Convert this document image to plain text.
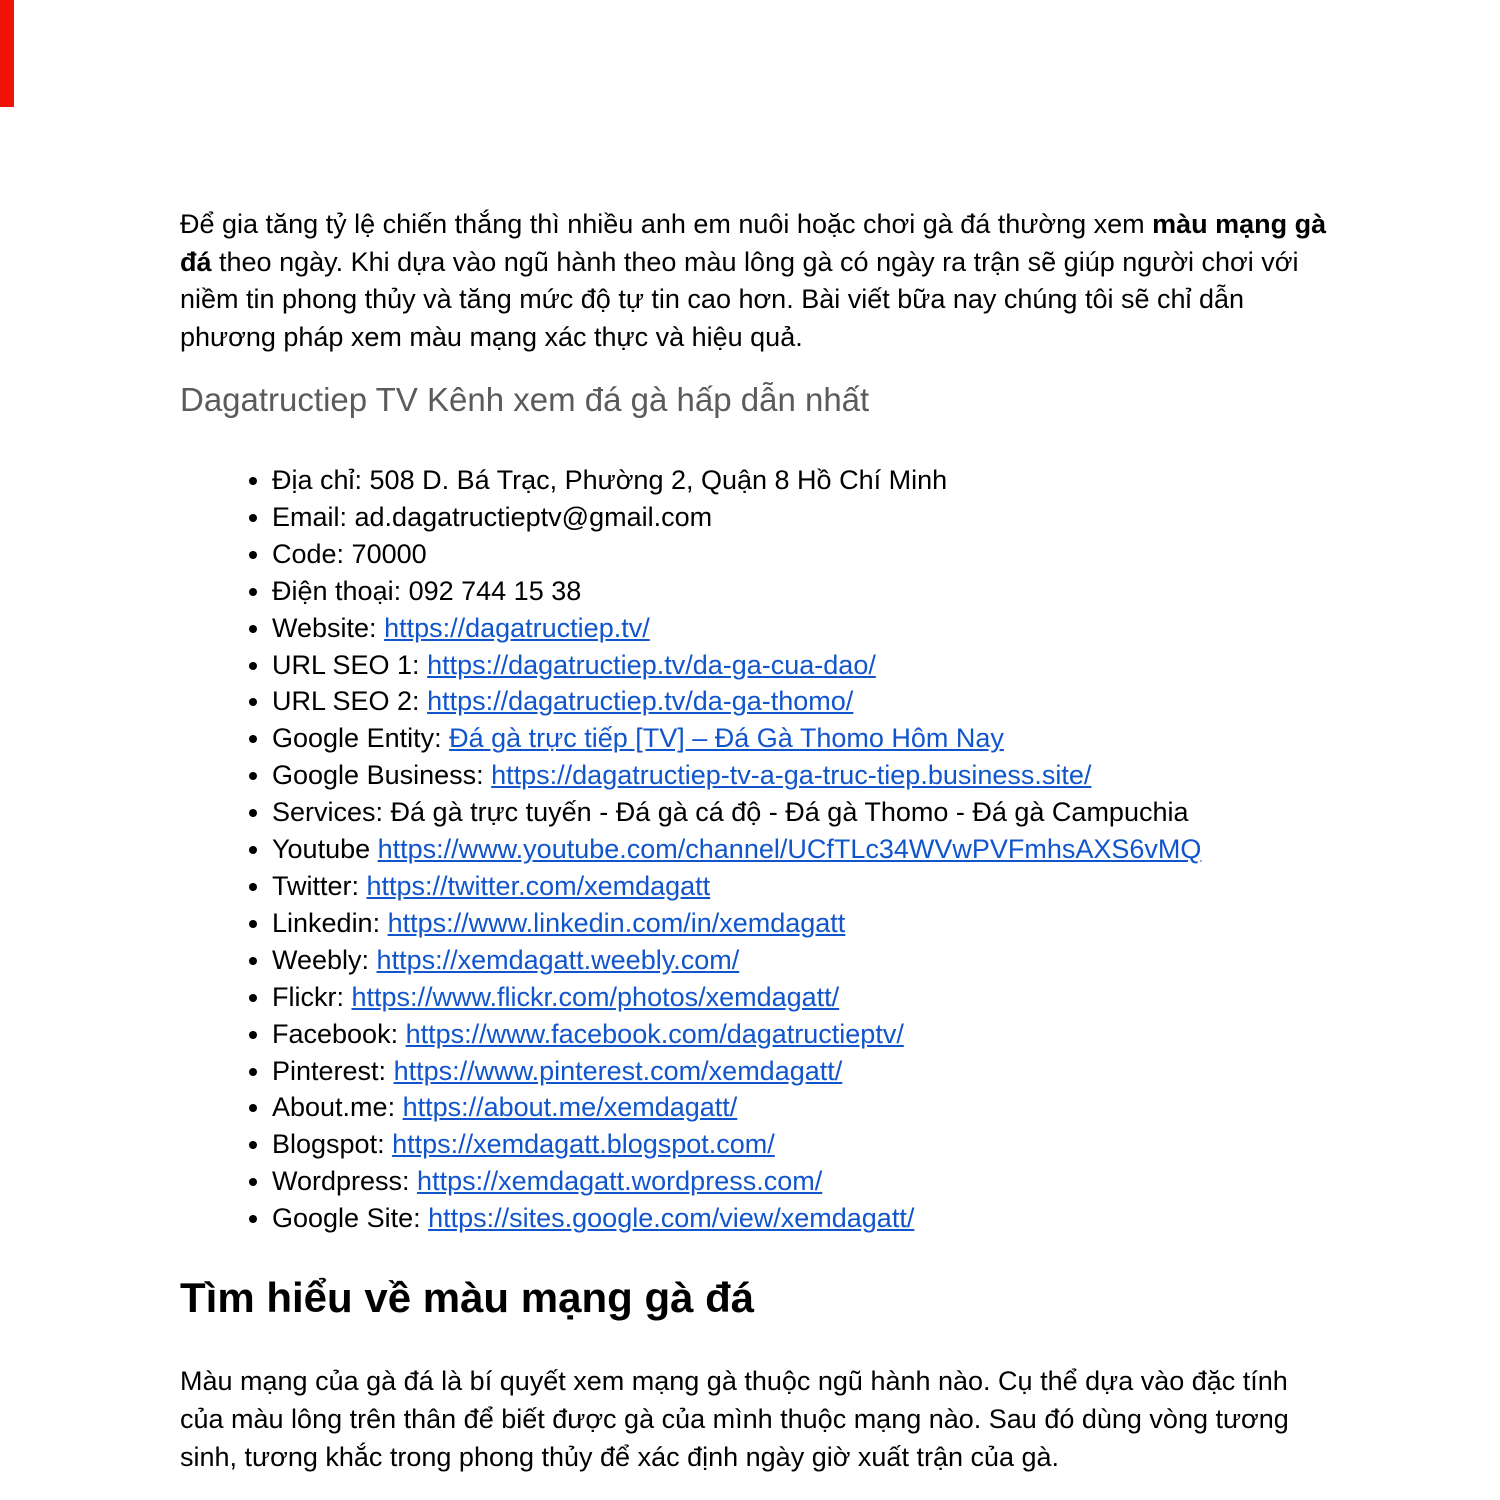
Để gia tăng tỷ lệ chiến thắng thì nhiều anh em nuôi hoặc chơi gà đá thường xem màu mạng gà đá theo ngày. Khi dựa vào ngũ hành theo màu lông gà có ngày ra trận sẽ giúp người chơi với niềm tin phong thủy và tăng mức độ tự tin cao hơn. Bài viết bữa nay chúng tôi sẽ chỉ dẫn phương pháp xem màu mạng xác thực và hiệu quả.

Dagatructiep TV Kênh xem đá gà hấp dẫn nhất
• Địa chỉ: 508 D. Bá Trạc, Phường 2, Quận 8 Hồ Chí Minh
• Email: ad.dagatructieptv@gmail.com
• Code: 70000
• Điện thoại: 092 744 15 38
• Website: https://dagatructiep.tv/
• URL SEO 1: https://dagatructiep.tv/da-ga-cua-dao/
• URL SEO 2: https://dagatructiep.tv/da-ga-thomo/
• Google Entity: Đá gà trực tiếp [TV] – Đá Gà Thomo Hôm Nay
• Google Business: https://dagatructiep-tv-a-ga-truc-tiep.business.site/
• Services: Đá gà trực tuyến - Đá gà cá độ - Đá gà Thomo - Đá gà Campuchia
• Youtube https://www.youtube.com/channel/UCfTLc34WVwPVFmhsAXS6vMQ
• Twitter: https://twitter.com/xemdagatt
• Linkedin: https://www.linkedin.com/in/xemdagatt
• Weebly: https://xemdagatt.weebly.com/
• Flickr: https://www.flickr.com/photos/xemdagatt/
• Facebook: https://www.facebook.com/dagatructieptv/
• Pinterest: https://www.pinterest.com/xemdagatt/
• About.me: https://about.me/xemdagatt/
• Blogspot: https://xemdagatt.blogspot.com/
• Wordpress: https://xemdagatt.wordpress.com/
• Google Site: https://sites.google.com/view/xemdagatt/
Tìm hiểu về màu mạng gà đá

Màu mạng của gà đá là bí quyết xem mạng gà thuộc ngũ hành nào. Cụ thể dựa vào đặc tính của màu lông trên thân để biết được gà của mình thuộc mạng nào. Sau đó dùng vòng tương sinh, tương khắc trong phong thủy để xác định ngày giờ xuất trận của gà.
